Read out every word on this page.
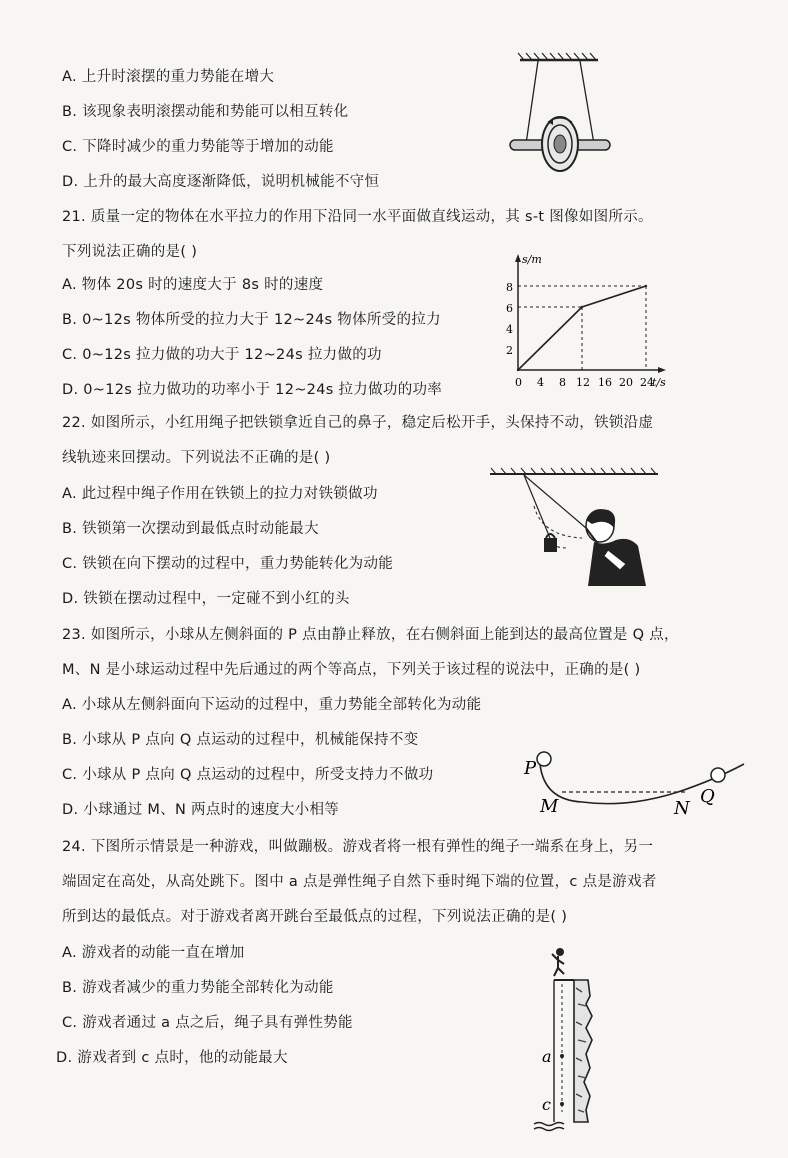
A. 上升时滚摆的重力势能在增大
B. 该现象表明滚摆动能和势能可以相互转化
C. 下降时减少的重力势能等于增加的动能
D. 上升的最大高度逐渐降低，说明机械能不守恒
21. 质量一定的物体在水平拉力的作用下沿同一水平面做直线运动，其 s-t 图像如图所示。
下列说法正确的是( )
A. 物体 20s 时的速度大于 8s 时的速度
B. 0~12s 物体所受的拉力大于 12~24s 物体所受的拉力
C. 0~12s 拉力做的功大于 12~24s 拉力做的功
D. 0~12s 拉力做功的功率小于 12~24s 拉力做功的功率
s/m
t/s
2
4
6
8
0 4 8 12 16 20 24
22. 如图所示，小红用绳子把铁锁拿近自己的鼻子，稳定后松开手，头保持不动，铁锁沿虚
线轨迹来回摆动。下列说法不正确的是( )
A. 此过程中绳子作用在铁锁上的拉力对铁锁做功
B. 铁锁第一次摆动到最低点时动能最大
C. 铁锁在向下摆动的过程中，重力势能转化为动能
D. 铁锁在摆动过程中，一定碰不到小红的头
23. 如图所示，小球从左侧斜面的 P 点由静止释放，在右侧斜面上能到达的最高位置是 Q 点，
M、N 是小球运动过程中先后通过的两个等高点，下列关于该过程的说法中，正确的是( )
A. 小球从左侧斜面向下运动的过程中，重力势能全部转化为动能
B. 小球从 P 点向 Q 点运动的过程中，机械能保持不变
C. 小球从 P 点向 Q 点运动的过程中，所受支持力不做功
D. 小球通过 M、N 两点时的速度大小相等
P
M	N
Q
24. 下图所示情景是一种游戏，叫做蹦极。游戏者将一根有弹性的绳子一端系在身上，另一
端固定在高处，从高处跳下。图中 a 点是弹性绳子自然下垂时绳下端的位置，c 点是游戏者
所到达的最低点。对于游戏者离开跳台至最低点的过程，下列说法正确的是( )
A. 游戏者的动能一直在增加
B. 游戏者减少的重力势能全部转化为动能
C. 游戏者通过 a 点之后，绳子具有弹性势能
D. 游戏者到 c 点时，他的动能最大	a
c
